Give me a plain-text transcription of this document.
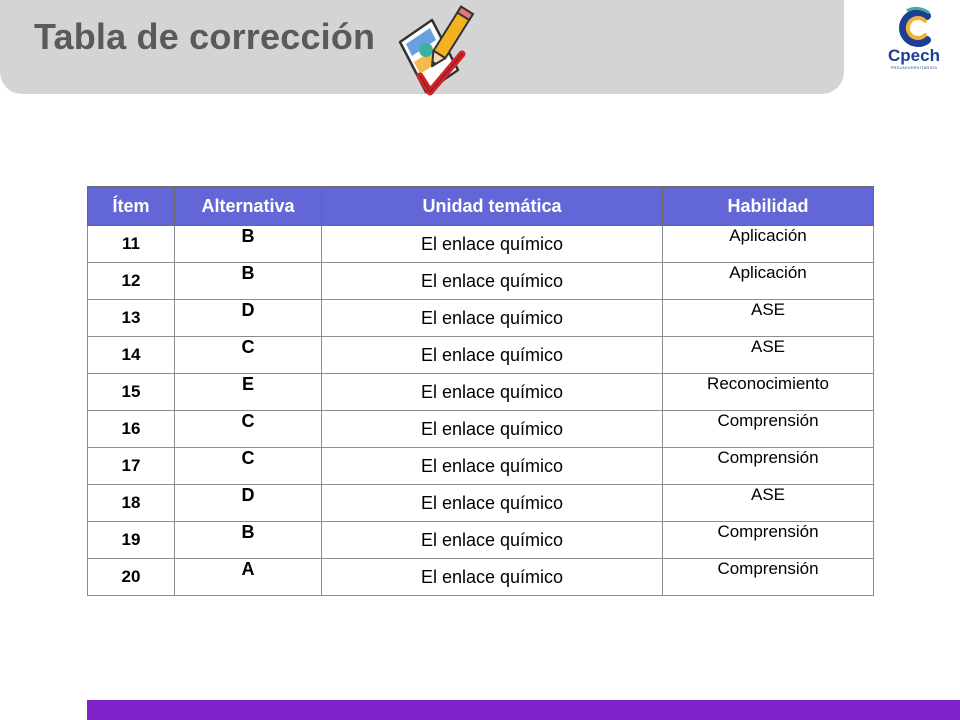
Tabla de corrección	Cpech
PREUNIVERSITARIOS
Ítem	Alternativa	Unidad temática	Habilidad
11	B	El enlace químico	Aplicación
12	B	El enlace químico	Aplicación
13	D	El enlace químico	ASE
14	C	El enlace químico	ASE
15	E	El enlace químico	Reconocimiento
16	C	El enlace químico	Comprensión
17	C	El enlace químico	Comprensión
18	D	El enlace químico	ASE
19	B	El enlace químico	Comprensión
20	A	El enlace químico	Comprensión
